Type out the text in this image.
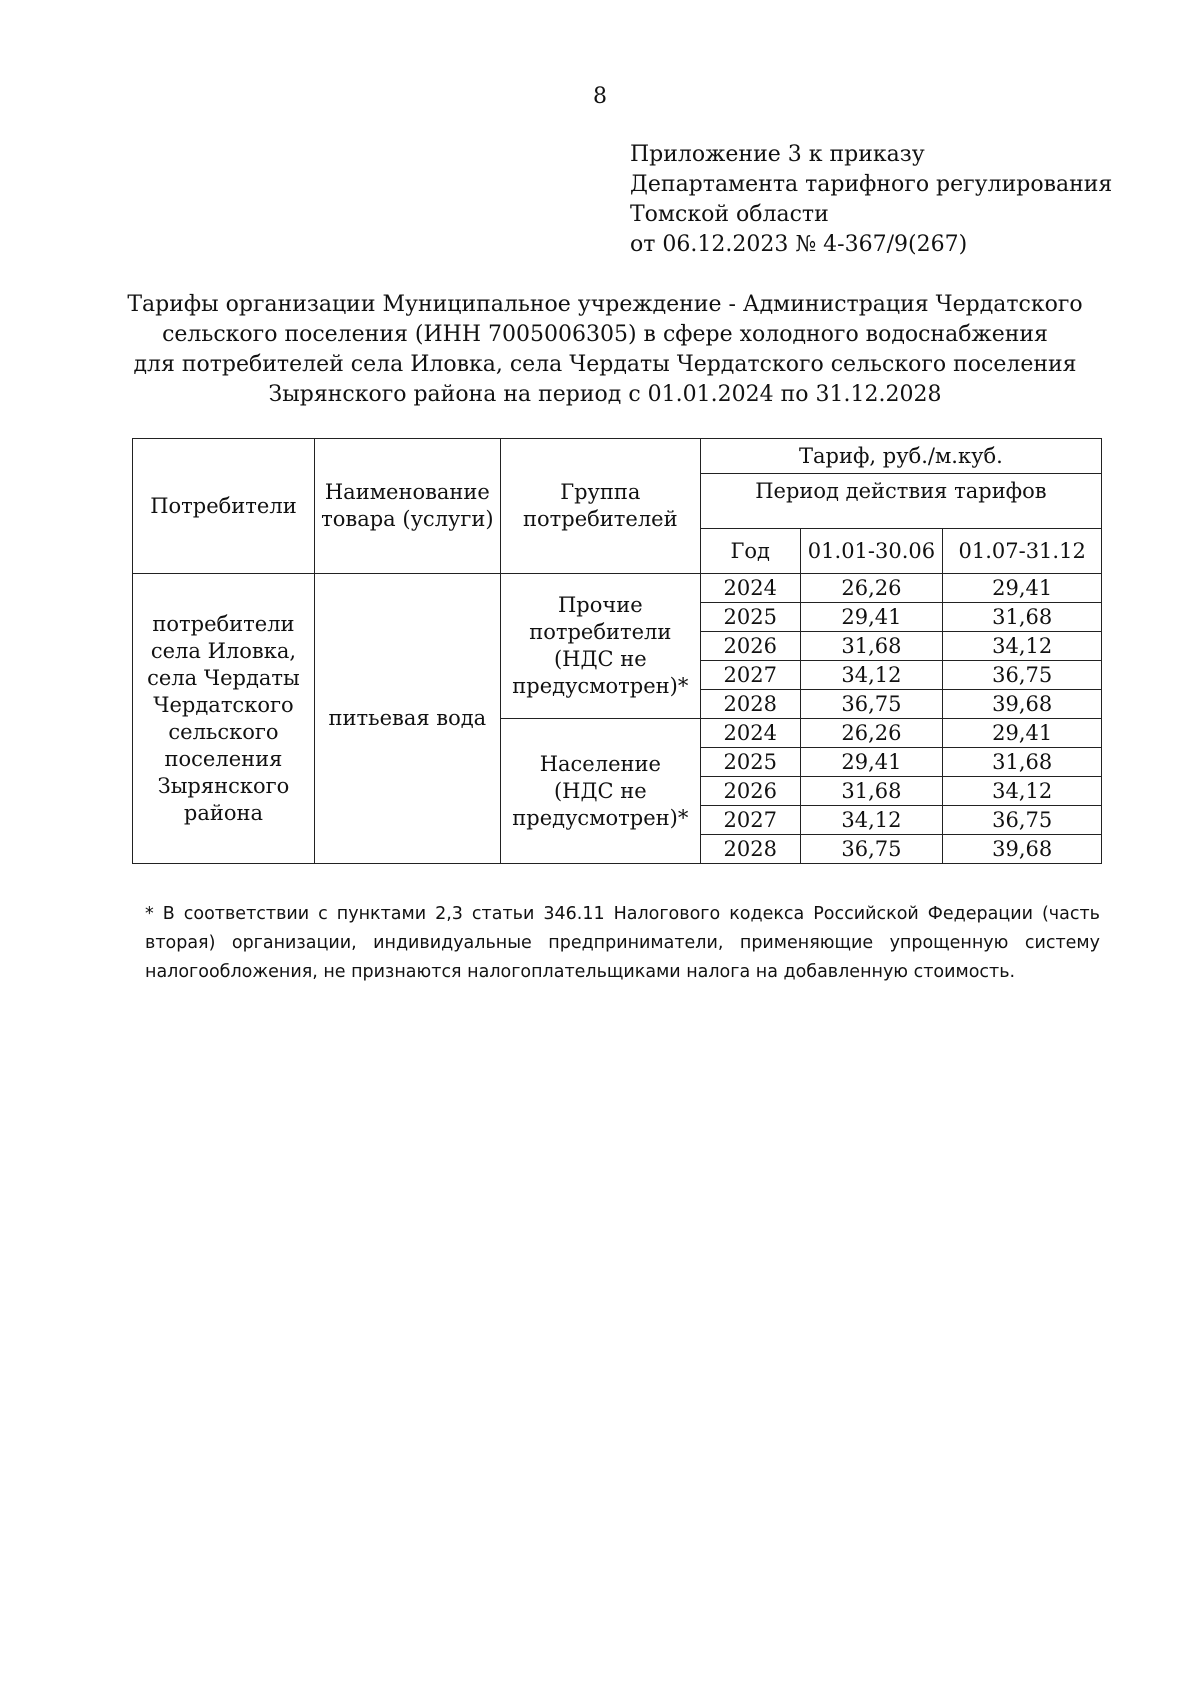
8
Приложение 3 к приказу
Департамента тарифного регулирования
Томской области
от 06.12.2023 № 4-367/9(267)
Тарифы организации Муниципальное учреждение - Администрация Чердатского
сельского поселения (ИНН 7005006305) в сфере холодного водоснабжения
для потребителей села Иловка, села Чердаты Чердатского сельского поселения
Зырянского района на период с 01.01.2024 по 31.12.2028
Потребители	Наименование товара (услуги)	Группа потребителей	Тариф, руб./м.куб.		
			Период действия тарифов		
			Год	01.01-30.06	01.07-31.12
потребители села Иловка, села Чердаты Чердатского сельского поселения Зырянского района	питьевая вода	Прочие потребители (НДС не предусмотрен)*	2024	26,26	29,41
			2025	29,41	31,68
			2026	31,68	34,12
			2027	34,12	36,75
			2028	36,75	39,68
		Население (НДС не предусмотрен)*	2024	26,26	29,41
			2025	29,41	31,68
			2026	31,68	34,12
			2027	34,12	36,75
			2028	36,75	39,68
* В соответствии с пунктами 2,3 статьи 346.11 Налогового кодекса Российской Федерации (часть
вторая) организации, индивидуальные предприниматели, применяющие упрощенную систему
налогообложения, не признаются налогоплательщиками налога на добавленную стоимость.
